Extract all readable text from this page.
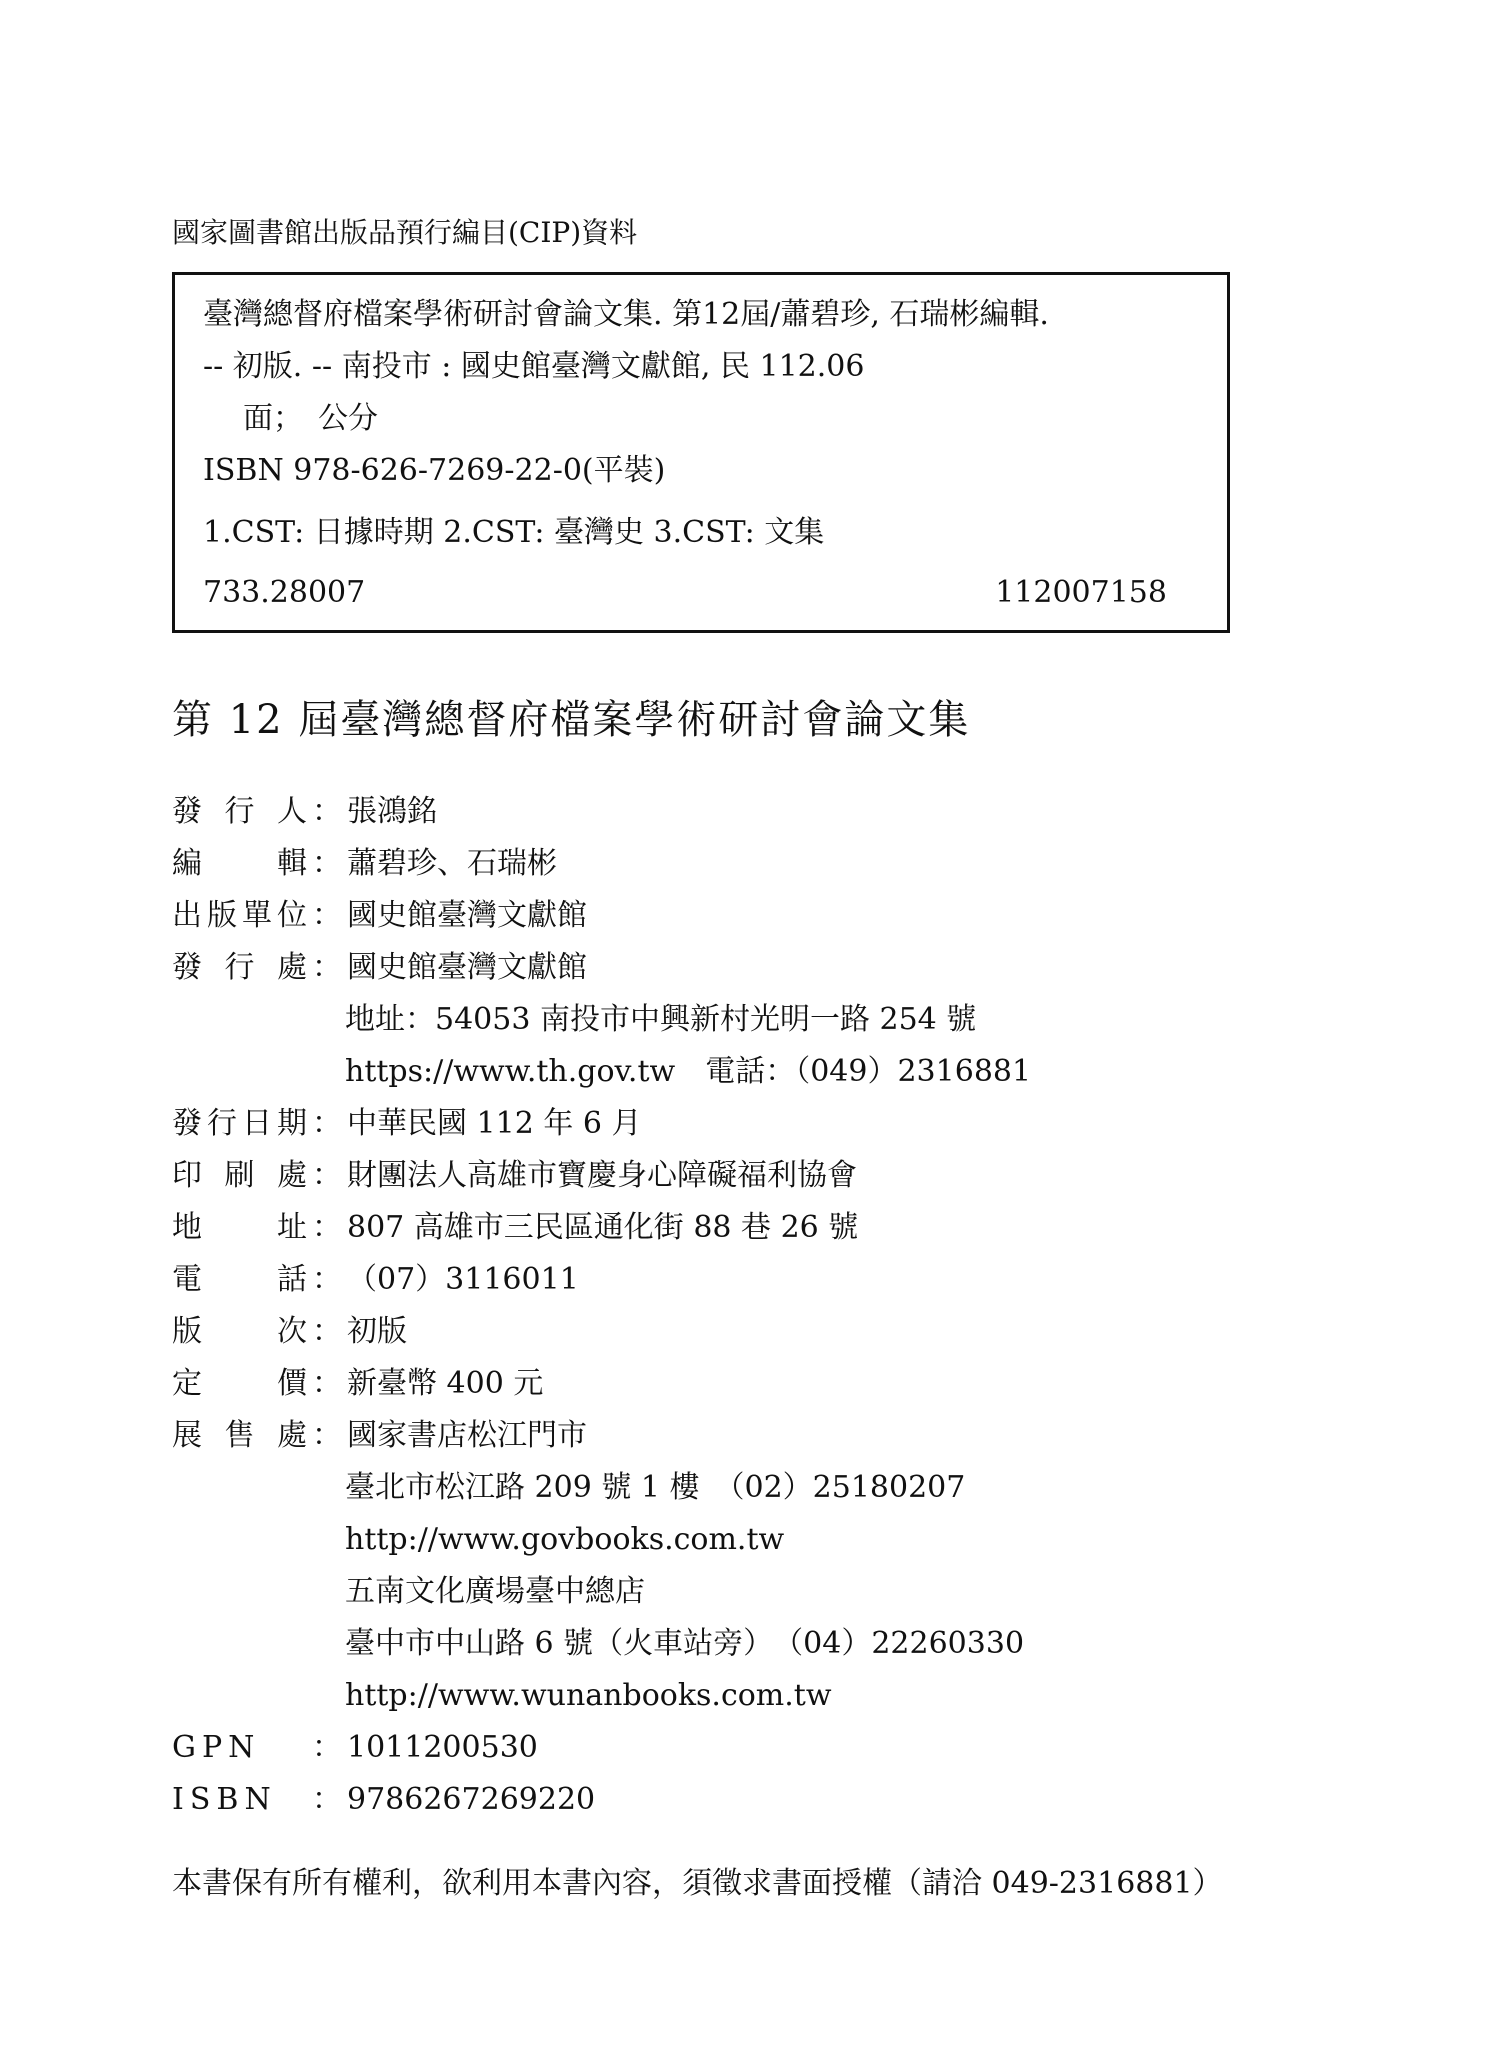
國家圖書館出版品預行編目(CIP)資料
臺灣總督府檔案學術研討會論文集. 第12屆/蕭碧珍, 石瑞彬編輯.
-- 初版. -- 南投市 : 國史館臺灣文獻館, 民 112.06
面；　公分
ISBN 978-626-7269-22-0(平裝)
1.CST: 日據時期 2.CST: 臺灣史 3.CST: 文集
733.28007	112007158
第 12 屆臺灣總督府檔案學術研討會論文集
發行人 ： 張鴻銘
編輯 ： 蕭碧珍、石瑞彬
出版單位 ： 國史館臺灣文獻館
發行處 ： 國史館臺灣文獻館
地址：54053 南投市中興新村光明一路 254 號
https://www.th.gov.tw　電話：（049）2316881
發行日期 ： 中華民國 112 年 6 月
印刷處 ： 財團法人高雄市寶慶身心障礙福利協會
地址 ： 807 高雄市三民區通化街 88 巷 26 號
電話 ： （07）3116011
版次 ： 初版
定價 ： 新臺幣 400 元
展售處 ： 國家書店松江門市
臺北市松江路 209 號 1 樓　（02）25180207
http://www.govbooks.com.tw
五南文化廣場臺中總店
臺中市中山路 6 號（火車站旁）　（04）22260330
http://www.wunanbooks.com.tw
GPN ： 1011200530
ISBN ： 9786267269220
本書保有所有權利，欲利用本書內容，須徵求書面授權（請洽 049-2316881）
